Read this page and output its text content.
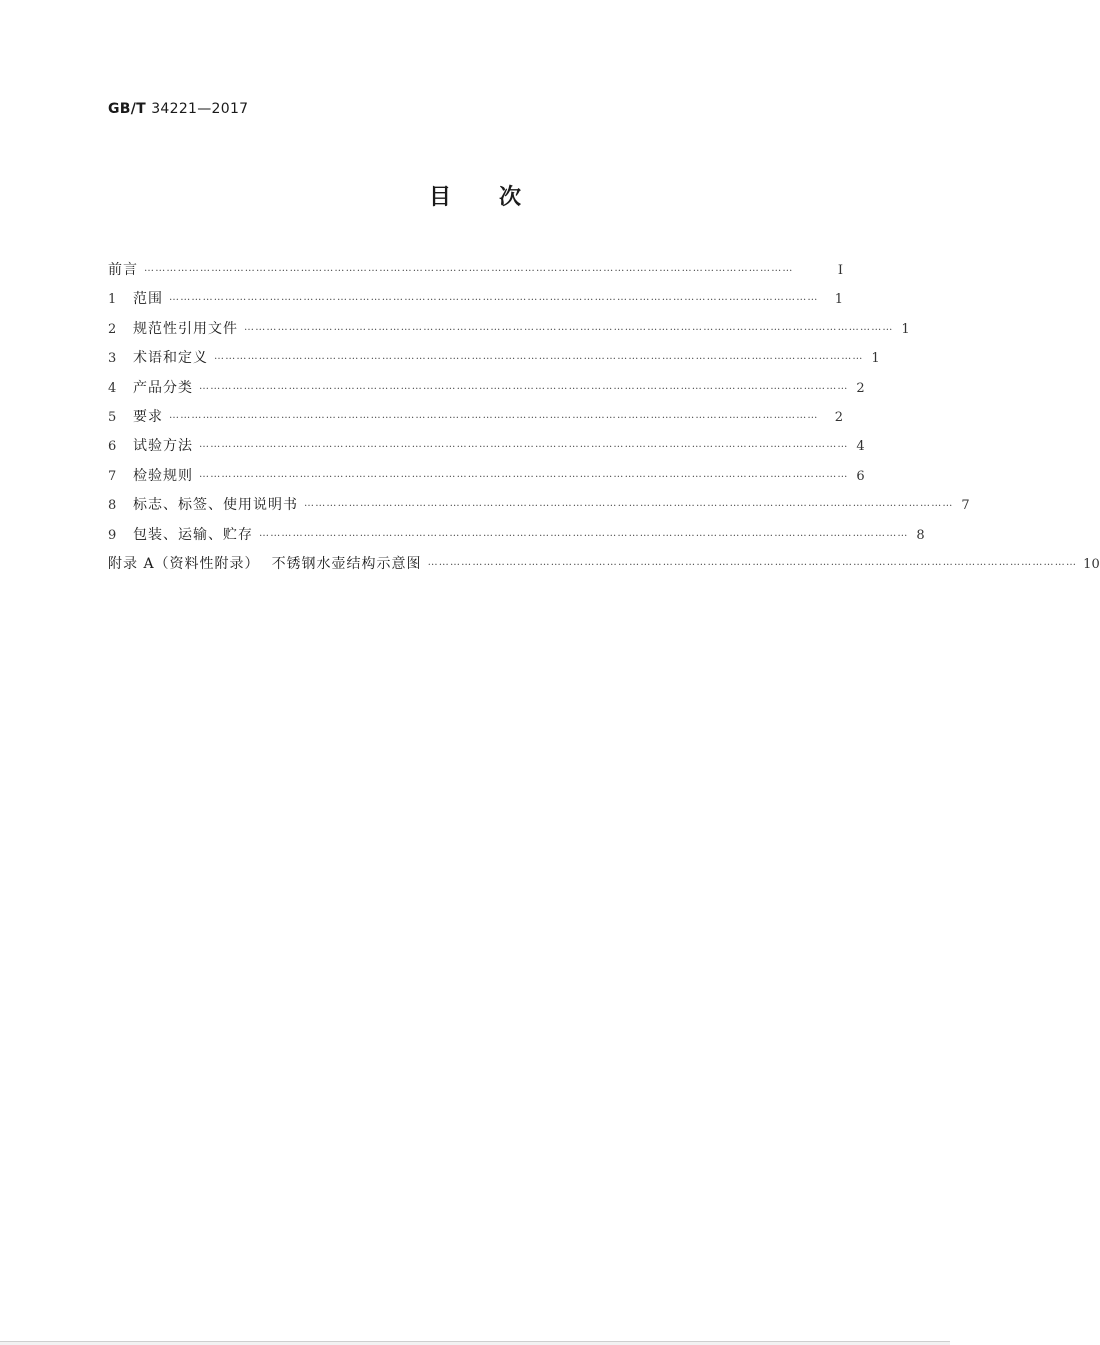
GB/T 34221—2017
目次
前言 …………………………………………………………………………………………………………………………………………………………	Ⅰ
1	范围 …………………………………………………………………………………………………………………………………………………………	1
2	规范性引用文件 ………………………………………………………………………………………………………………………………………………………… 1
3	术语和定义 ………………………………………………………………………………………………………………………………………………………… 1
4	产品分类 ………………………………………………………………………………………………………………………………………………………… 2
5	要求 …………………………………………………………………………………………………………………………………………………………	2
6	试验方法 ………………………………………………………………………………………………………………………………………………………… 4
7	检验规则 ………………………………………………………………………………………………………………………………………………………… 6
8	标志、标签、使用说明书 ………………………………………………………………………………………………………………………………………………………… 7
9	包装、运输、贮存 ………………………………………………………………………………………………………………………………………………………… 8
附录 A（资料性附录） 不锈钢水壶结构示意图 ………………………………………………………………………………………………………………………………………………………… 10
